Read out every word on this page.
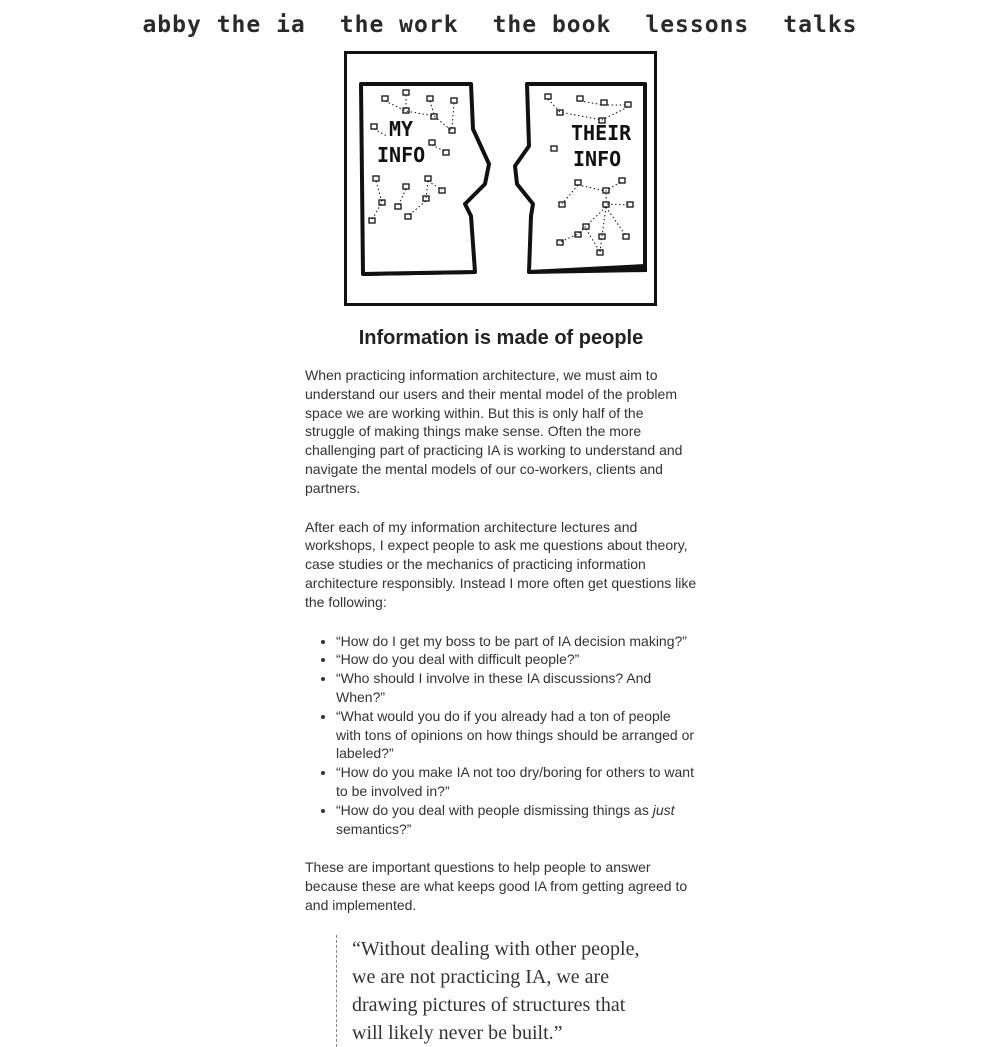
abby the ia the work the book lessons talks
MY
INFO
THEIR
INFO
Information is made of people

When practicing information architecture, we must aim to understand our users and their mental model of the problem space we are working within. But this is only half of the struggle of making things make sense. Often the more challenging part of practicing IA is working to understand and navigate the mental models of our co-workers, clients and partners.

After each of my information architecture lectures and workshops, I expect people to ask me questions about theory, case studies or the mechanics of practicing information architecture responsibly. Instead I more often get questions like the following:

• “How do I get my boss to be part of IA decision making?”
• “How do you deal with difficult people?”
• “Who should I involve in these IA discussions? And When?”
• “What would you do if you already had a ton of people with tons of opinions on how things should be arranged or labeled?”
• “How do you make IA not too dry/boring for others to want to be involved in?”
• “How do you deal with people dismissing things as just semantics?”

These are important questions to help people to answer because these are what keeps good IA from getting agreed to and implemented.

“Without dealing with other people, we are not practicing IA, we are drawing pictures of structures that will likely never be built.”
